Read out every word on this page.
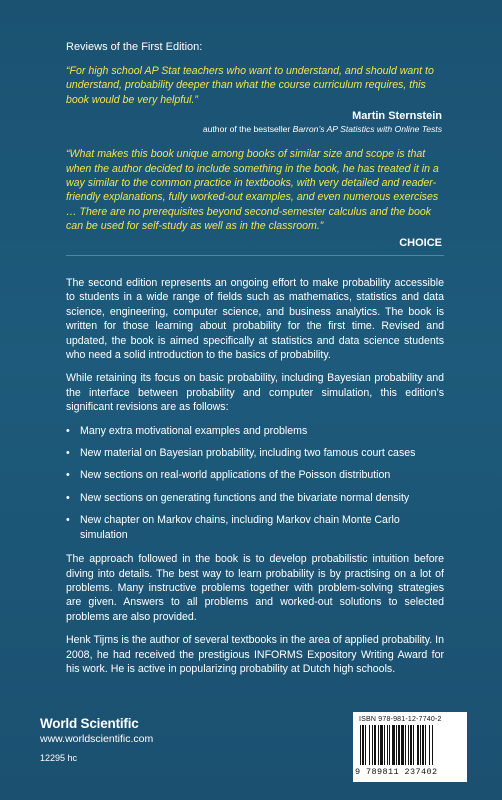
Reviews of the First Edition:
“For high school AP Stat teachers who want to understand, and should want to understand, probability deeper than what the course curriculum requires, this book would be very helpful.”
Martin Sternstein
author of the bestseller Barron’s AP Statistics with Online Tests
“What makes this book unique among books of similar size and scope is that when the author decided to include something in the book, he has treated it in a way similar to the common practice in textbooks, with very detailed and reader-friendly explanations, fully worked-out examples, and even numerous exercises … There are no prerequisites beyond second-semester calculus and the book can be used for self-study as well as in the classroom.”
CHOICE

The second edition represents an ongoing effort to make probability accessible to students in a wide range of fields such as mathematics, statistics and data science, engineering, computer science, and business analytics. The book is written for those learning about probability for the first time. Revised and updated, the book is aimed specifically at statistics and data science students who need a solid introduction to the basics of probability.

While retaining its focus on basic probability, including Bayesian probability and the interface between probability and computer simulation, this edition’s significant revisions are as follows:

• Many extra motivational examples and problems
• New material on Bayesian probability, including two famous court cases
• New sections on real-world applications of the Poisson distribution
• New sections on generating functions and the bivariate normal density
• New chapter on Markov chains, including Markov chain Monte Carlo simulation

The approach followed in the book is to develop probabilistic intuition before diving into details. The best way to learn probability is by practising on a lot of problems. Many instructive problems together with problem-solving strategies are given. Answers to all problems and worked-out solutions to selected problems are also provided.

Henk Tijms is the author of several textbooks in the area of applied probability. In 2008, he had received the prestigious INFORMS Expository Writing Award for his work. He is active in popularizing probability at Dutch high schools.

World Scientific
www.worldscientific.com
12295 hc
ISBN 978-981-12-7740-2
9 789811 237402
